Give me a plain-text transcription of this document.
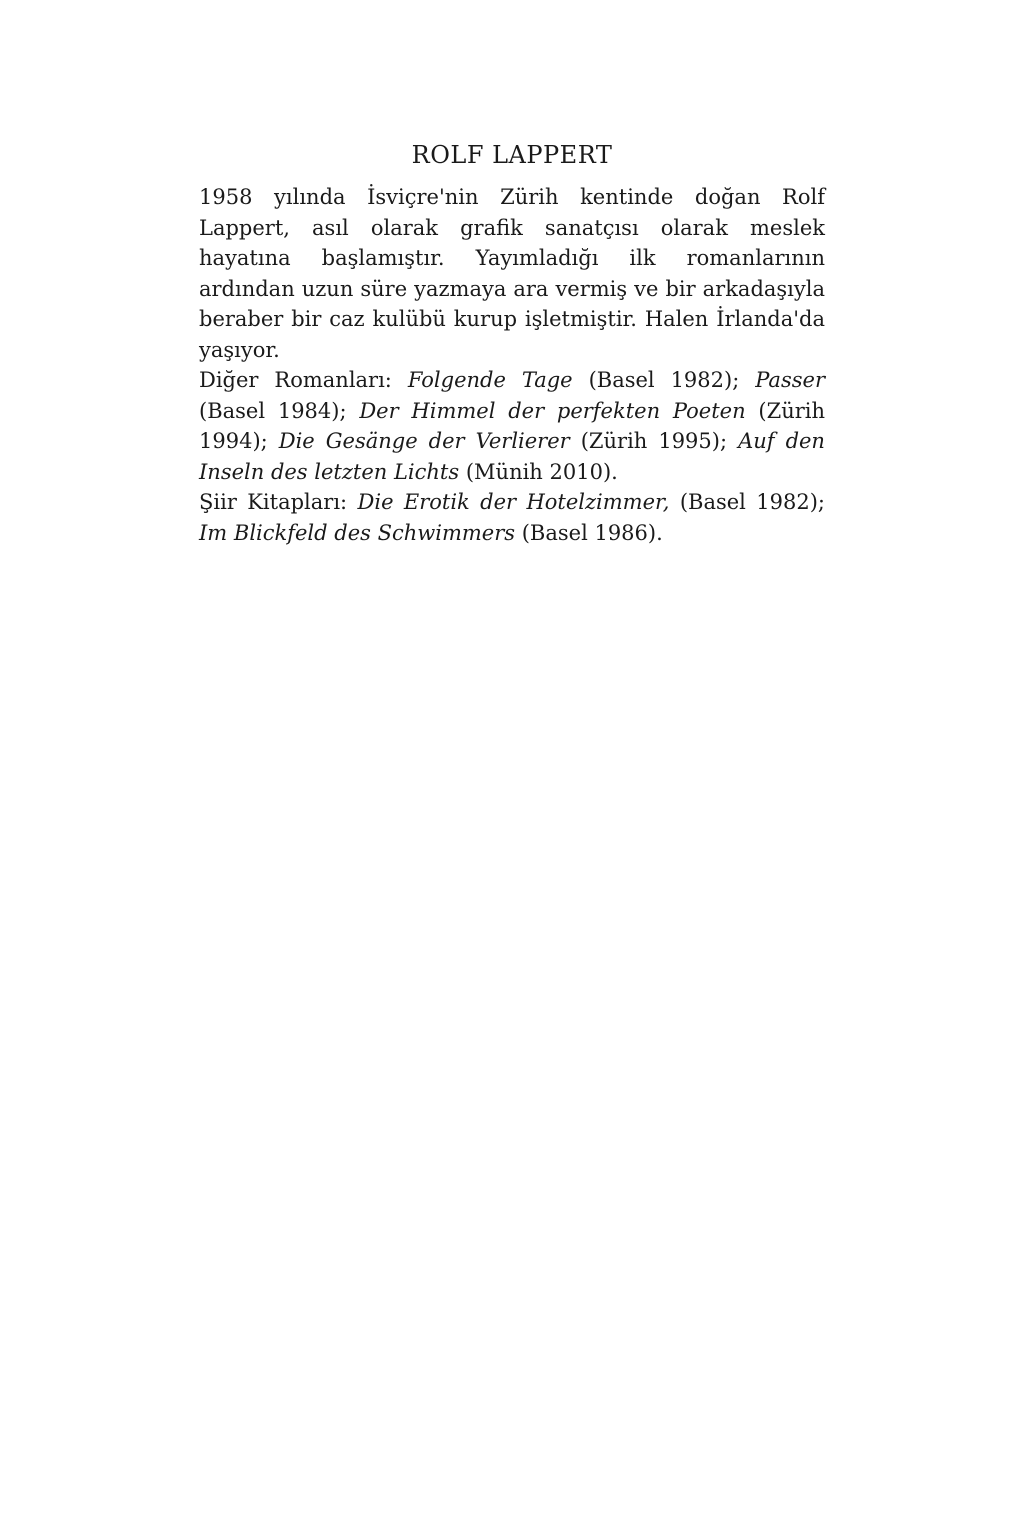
ROLF LAPPERT

1958 yılında İsviçre'nin Zürih kentinde doğan Rolf Lappert, asıl olarak grafik sanatçısı olarak meslek hayatına başlamıştır. Yayımladığı ilk romanlarının ardından uzun süre yazmaya ara vermiş ve bir arkadaşıyla beraber bir caz kulübü kurup işletmiştir. Halen İrlanda'da yaşıyor.

Diğer Romanları: Folgende Tage (Basel 1982); Passer (Basel 1984); Der Himmel der perfekten Poeten (Zürih 1994); Die Gesänge der Verlierer (Zürih 1995); Auf den Inseln des letzten Lichts (Münih 2010).

Şiir Kitapları: Die Erotik der Hotelzimmer, (Basel 1982); Im Blickfeld des Schwimmers (Basel 1986).
